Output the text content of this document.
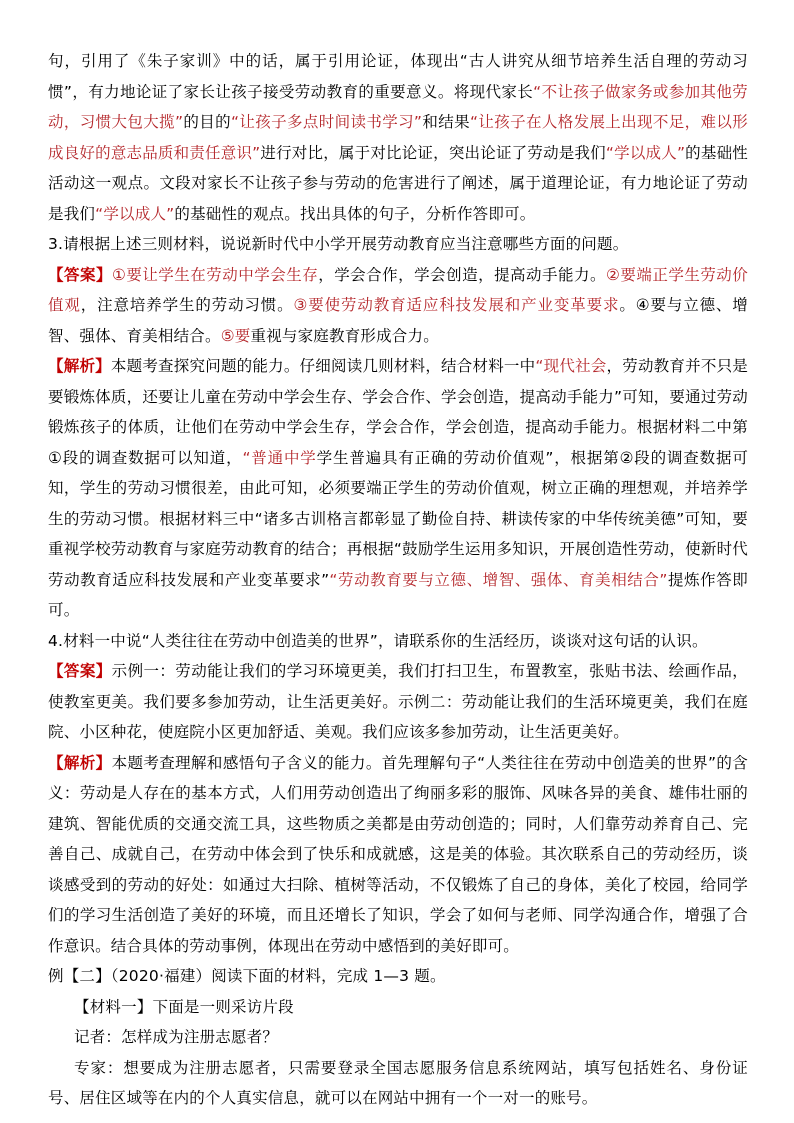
句，引用了《朱子家训》中的话，属于引用论证，体现出“古人讲究从细节培养生活自理的劳动习惯”，有力地论证了家长让孩子接受劳动教育的重要意义。将现代家长“不让孩子做家务或参加其他劳动，习惯大包大揽”的目的“让孩子多点时间读书学习”和结果“让孩子在人格发展上出现不足，难以形成良好的意志品质和责任意识”进行对比，属于对比论证，突出论证了劳动是我们“学以成人”的基础性活动这一观点。文段对家长不让孩子参与劳动的危害进行了阐述，属于道理论证，有力地论证了劳动是我们“学以成人”的基础性的观点。找出具体的句子，分析作答即可。

3.请根据上述三则材料，说说新时代中小学开展劳动教育应当注意哪些方面的问题。

【答案】①要让学生在劳动中学会生存，学会合作，学会创造，提高动手能力。②要端正学生劳动价值观，注意培养学生的劳动习惯。③要使劳动教育适应科技发展和产业变革要求。④要与立德、增智、强体、育美相结合。⑤要重视与家庭教育形成合力。

【解析】本题考查探究问题的能力。仔细阅读几则材料，结合材料一中“现代社会，劳动教育并不只是要锻炼体质，还要让儿童在劳动中学会生存、学会合作、学会创造，提高动手能力”可知，要通过劳动锻炼孩子的体质，让他们在劳动中学会生存，学会合作，学会创造，提高动手能力。根据材料二中第①段的调查数据可以知道，“普通中学学生普遍具有正确的劳动价值观”，根据第②段的调查数据可知，学生的劳动习惯很差，由此可知，必须要端正学生的劳动价值观，树立正确的理想观，并培养学生的劳动习惯。根据材料三中“诸多古训格言都彰显了勤俭自持、耕读传家的中华传统美德”可知，要重视学校劳动教育与家庭劳动教育的结合；再根据“鼓励学生运用多知识，开展创造性劳动，使新时代劳动教育适应科技发展和产业变革要求”“劳动教育要与立德、增智、强体、育美相结合”提炼作答即可。

4.材料一中说“人类往往在劳动中创造美的世界”，请联系你的生活经历，谈谈对这句话的认识。

【答案】示例一：劳动能让我们的学习环境更美，我们打扫卫生，布置教室，张贴书法、绘画作品，使教室更美。我们要多参加劳动，让生活更美好。示例二：劳动能让我们的生活环境更美，我们在庭院、小区种花，使庭院小区更加舒适、美观。我们应该多参加劳动，让生活更美好。

【解析】本题考查理解和感悟句子含义的能力。首先理解句子“人类往往在劳动中创造美的世界”的含义：劳动是人存在的基本方式，人们用劳动创造出了绚丽多彩的服饰、风味各异的美食、雄伟壮丽的建筑、智能优质的交通交流工具，这些物质之美都是由劳动创造的；同时，人们靠劳动养育自己、完善自己、成就自己，在劳动中体会到了快乐和成就感，这是美的体验。其次联系自己的劳动经历，谈谈感受到的劳动的好处：如通过大扫除、植树等活动，不仅锻炼了自己的身体，美化了校园，给同学们的学习生活创造了美好的环境，而且还增长了知识，学会了如何与老师、同学沟通合作，增强了合作意识。结合具体的劳动事例，体现出在劳动中感悟到的美好即可。

例【二】（2020·福建）阅读下面的材料，完成 1—3 题。

【材料一】下面是一则采访片段

记者：怎样成为注册志愿者？

专家：想要成为注册志愿者，只需要登录全国志愿服务信息系统网站，填写包括姓名、身份证号、居住区域等在内的个人真实信息，就可以在网站中拥有一个一对一的账号。
